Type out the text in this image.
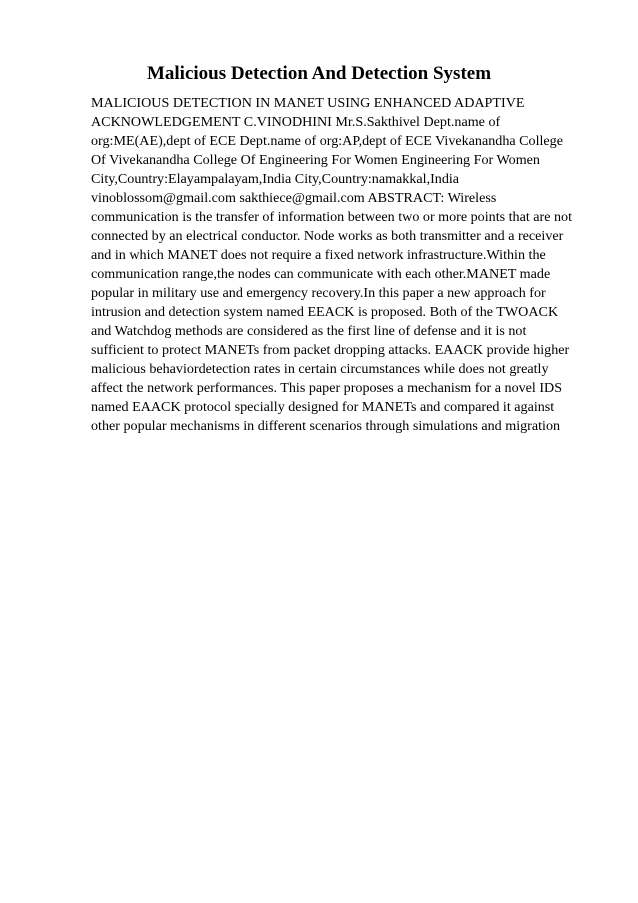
Malicious Detection And Detection System
MALICIOUS DETECTION IN MANET USING ENHANCED ADAPTIVE
ACKNOWLEDGEMENT C.VINODHINI Mr.S.Sakthivel Dept.name of
org:ME(AE),dept of ECE Dept.name of org:AP,dept of ECE Vivekanandha College
Of Vivekanandha College Of Engineering For Women Engineering For Women
City,Country:Elayampalayam,India City,Country:namakkal,India
vinoblossom@gmail.com sakthiece@gmail.com ABSTRACT: Wireless
communication is the transfer of information between two or more points that are not
connected by an electrical conductor. Node works as both transmitter and a receiver
and in which MANET does not require a fixed network infrastructure.Within the
communication range,the nodes can communicate with each other.MANET made
popular in military use and emergency recovery.In this paper a new approach for
intrusion and detection system named EEACK is proposed. Both of the TWOACK
and Watchdog methods are considered as the first line of defense and it is not
sufficient to protect MANETs from packet dropping attacks. EAACK provide higher
malicious behaviordetection rates in certain circumstances while does not greatly
affect the network performances. This paper proposes a mechanism for a novel IDS
named EAACK protocol specially designed for MANETs and compared it against
other popular mechanisms in different scenarios through simulations and migration
